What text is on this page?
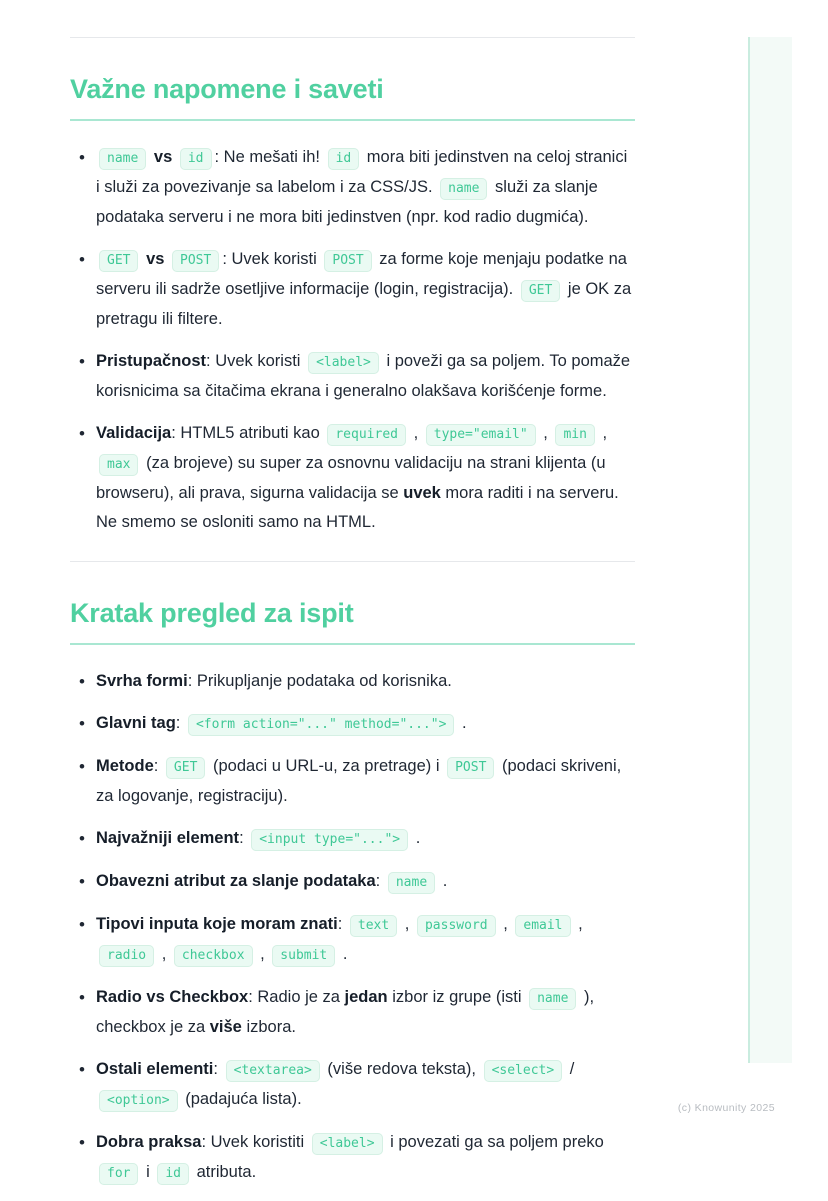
Važne napomene i saveti
• name vs id : Ne mešati ih! id mora biti jedinstven na celoj stranici i služi za povezivanje sa labelom i za CSS/JS. name služi za slanje podataka serveru i ne mora biti jedinstven (npr. kod radio dugmića).
• GET vs POST : Uvek koristi POST za forme koje menjaju podatke na serveru ili sadrže osetljive informacije (login, registracija). GET je OK za pretragu ili filtere.
• Pristupačnost: Uvek koristi <label> i poveži ga sa poljem. To pomaže korisnicima sa čitačima ekrana i generalno olakšava korišćenje forme.
• Validacija: HTML5 atributi kao required , type="email" , min , max (za brojeve) su super za osnovnu validaciju na strani klijenta (u browseru), ali prava, sigurna validacija se uvek mora raditi i na serveru. Ne smemo se osloniti samo na HTML.
Kratak pregled za ispit
• Svrha formi: Prikupljanje podataka od korisnika.
• Glavni tag: <form action="..." method="..."> .
• Metode: GET (podaci u URL-u, za pretrage) i POST (podaci skriveni, za logovanje, registraciju).
• Najvažniji element: <input type="..."> .
• Obavezni atribut za slanje podataka: name .
• Tipovi inputa koje moram znati: text , password , email , radio , checkbox , submit .
• Radio vs Checkbox: Radio je za jedan izbor iz grupe (isti name ), checkbox je za više izbora.
• Ostali elementi: <textarea> (više redova teksta), <select> / <option> (padajuća lista).
• Dobra praksa: Uvek koristiti <label> i povezati ga sa poljem preko for i id atributa.
(c) Knowunity 2025
